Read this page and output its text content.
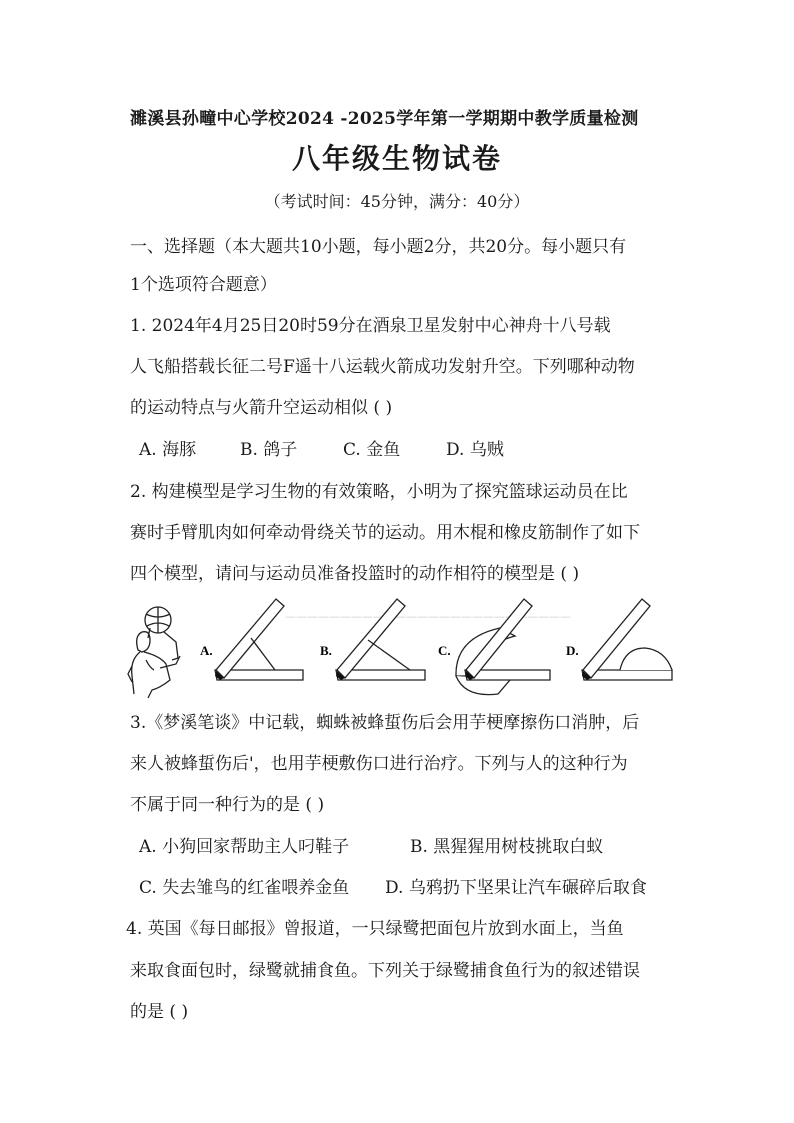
濉溪县孙疃中心学校2024 -2025学年第一学期期中教学质量检测
八年级生物试卷
（考试时间：45分钟，满分：40分）
一、选择题（本大题共10小题，每小题2分，共20分。每小题只有
1个选项符合题意）
1. 2024年4月25日20时59分在酒泉卫星发射中心神舟十八号载
人飞船搭载长征二号F遥十八运载火箭成功发射升空。下列哪种动物
的运动特点与火箭升空运动相似 ( )
A. 海豚	B. 鸽子	C. 金鱼	D. 乌贼
2. 构建模型是学习生物的有效策略，小明为了探究篮球运动员在比
赛时手臂肌肉如何牵动骨绕关节的运动。用木棍和橡皮筋制作了如下
四个模型，请问与运动员准备投篮时的动作相符的模型是 ( )
——————————————————————————
A.	B.	C.	D.
3.《梦溪笔谈》中记载，蜘蛛被蜂蜇伤后会用芋梗摩擦伤口消肿，后
来人被蜂蜇伤后'，也用芋梗敷伤口进行治疗。下列与人的这种行为
不属于同一种行为的是 ( )
A. 小狗回家帮助主人叼鞋子	B. 黑猩猩用树枝挑取白蚁
C. 失去雏鸟的红雀喂养金鱼 D. 乌鸦扔下坚果让汽车碾碎后取食
4. 英国《每日邮报》曾报道，一只绿鹭把面包片放到水面上，当鱼
来取食面包时，绿鹭就捕食鱼。下列关于绿鹭捕食鱼行为的叙述错误
的是 ( )
